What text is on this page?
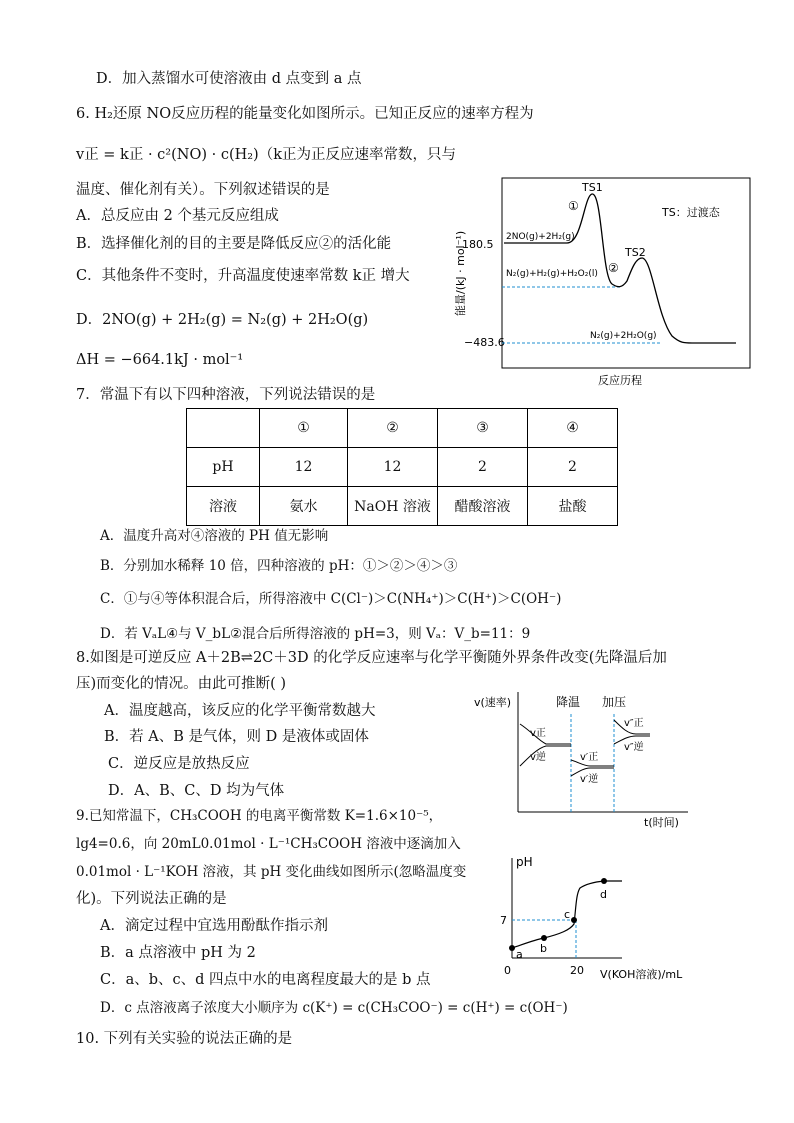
D．加入蒸馏水可使溶液由 d 点变到 a 点
6. H₂还原 NO反应历程的能量变化如图所示。已知正反应的速率方程为
v正 = k正 · c²(NO) · c(H₂)（k正为正反应速率常数，只与
温度、催化剂有关）。下列叙述错误的是
A．总反应由 2 个基元反应组成
B．选择催化剂的目的主要是降低反应②的活化能
C．其他条件不变时，升高温度使速率常数 k正 增大
D．2NO(g) + 2H₂(g) = N₂(g) + 2H₂O(g)
ΔH = −664.1kJ · mol⁻¹
能量/(kJ · mol⁻¹)
180.5
−483.6
2NO(g)+2H₂(g)
N₂(g)+H₂(g)+H₂O₂(l)
N₂(g)+2H₂O(g)
TS1
TS2
①
②
TS：过渡态
反应历程
7．常温下有以下四种溶液，下列说法错误的是
	①	②	③	④
pH	12	12	2	2
溶液	氨水	NaOH 溶液	醋酸溶液	盐酸
A．温度升高对④溶液的 PH 值无影响
B．分别加水稀释 10 倍，四种溶液的 pH：①＞②＞④＞③
C．①与④等体积混合后，所得溶液中 C(Cl⁻)＞C(NH₄⁺)＞C(H⁺)＞C(OH⁻)
D．若 VₐL④与 V_bL②混合后所得溶液的 pH=3，则 Vₐ：V_b=11：9
8.如图是可逆反应 A＋2B⇌2C＋3D 的化学反应速率与化学平衡随外界条件改变(先降温后加
压)而变化的情况。由此可推断( )
A．温度越高，该反应的化学平衡常数越大
B．若 A、B 是气体，则 D 是液体或固体
C．逆反应是放热反应
D．A、B、C、D 均为气体
v(速率)
t(时间)
降温 加压
v正
v逆	v′正
v′逆
v″正
v″逆
9.已知常温下，CH₃COOH 的电离平衡常数 K=1.6×10⁻⁵，
lg4=0.6，向 20mL0.01mol · L⁻¹CH₃COOH 溶液中逐滴加入
0.01mol · L⁻¹KOH 溶液，其 pH 变化曲线如图所示(忽略温度变
化)。下列说法正确的是
A．滴定过程中宜选用酚酞作指示剂
B．a 点溶液中 pH 为 2
C．a、b、c、d 四点中水的电离程度最大的是 b 点
D．c 点溶液离子浓度大小顺序为 c(K⁺) = c(CH₃COO⁻) = c(H⁺) = c(OH⁻)
pH
7
0	20 V(KOH溶液)/mL
a b
c
d
10. 下列有关实验的说法正确的是
